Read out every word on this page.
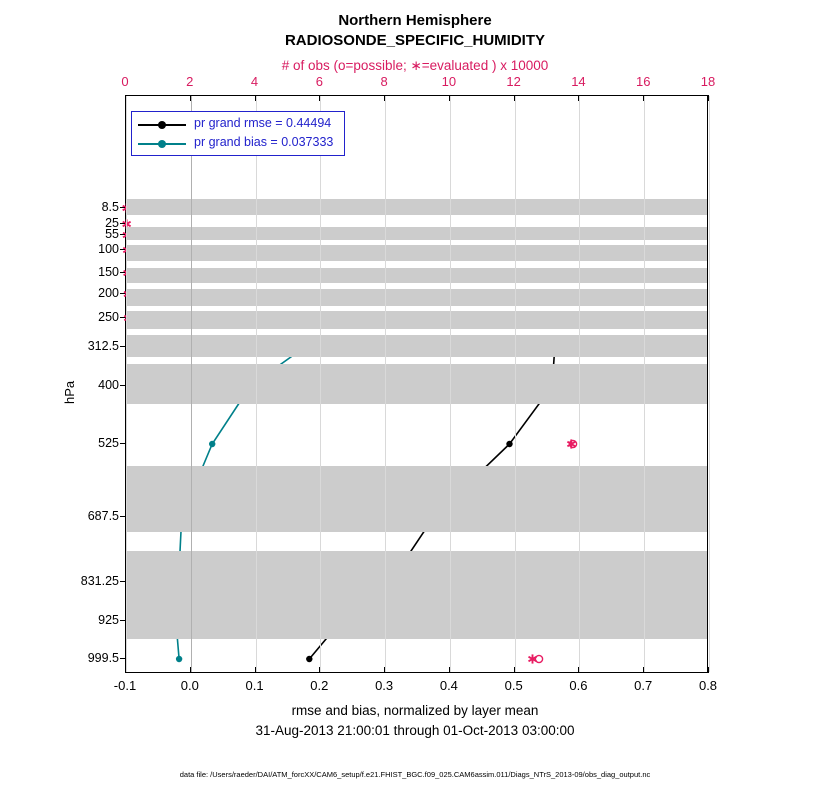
Northern Hemisphere
RADIOSONDE_SPECIFIC_HUMIDITY
# of obs (o=possible; ∗=evaluated ) x 10000
pr grand rmse = 0.44494
pr grand bias = 0.037333
hPa
rmse and bias, normalized by layer mean
31-Aug-2013 21:00:01 through 01-Oct-2013 03:00:00
data file: /Users/raeder/DAI/ATM_forcXX/CAM6_setup/f.e21.FHIST_BGC.f09_025.CAM6assim.011/Diags_NTrS_2013-09/obs_diag_output.nc
0	2	4	6	8	10	12	14	16	18
-0.1	0.0	0.1	0.2	0.3	0.4	0.5	0.6	0.7	0.8
8.5
25
55
100
150
200
250
312.5
400
525
687.5
831.25
925
999.5
